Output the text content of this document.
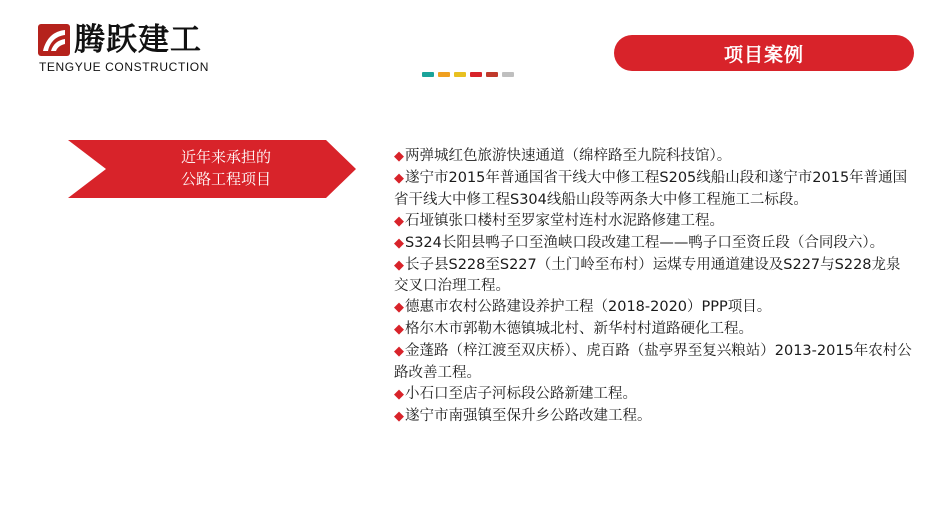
腾跃建工
TENGYUE CONSTRUCTION
项目案例
近年来承担的
公路工程项目
◆两弹城红色旅游快速通道（绵梓路至九院科技馆）。
◆遂宁市2015年普通国省干线大中修工程S205线船山段和遂宁市2015年普通国省干线大中修工程S304线船山段等两条大中修工程施工二标段。
◆石垭镇张口楼村至罗家堂村连村水泥路修建工程。
◆S324长阳县鸭子口至渔峡口段改建工程——鸭子口至资丘段（合同段六）。
◆长子县S228至S227（土门岭至布村）运煤专用通道建设及S227与S228龙泉交叉口治理工程。
◆德惠市农村公路建设养护工程（2018-2020）PPP项目。
◆格尔木市郭勒木德镇城北村、新华村村道路硬化工程。
◆金蓬路（梓江渡至双庆桥）、虎百路（盐亭界至复兴粮站）2013-2015年农村公路改善工程。
◆小石口至店子河标段公路新建工程。
◆遂宁市南强镇至保升乡公路改建工程。
